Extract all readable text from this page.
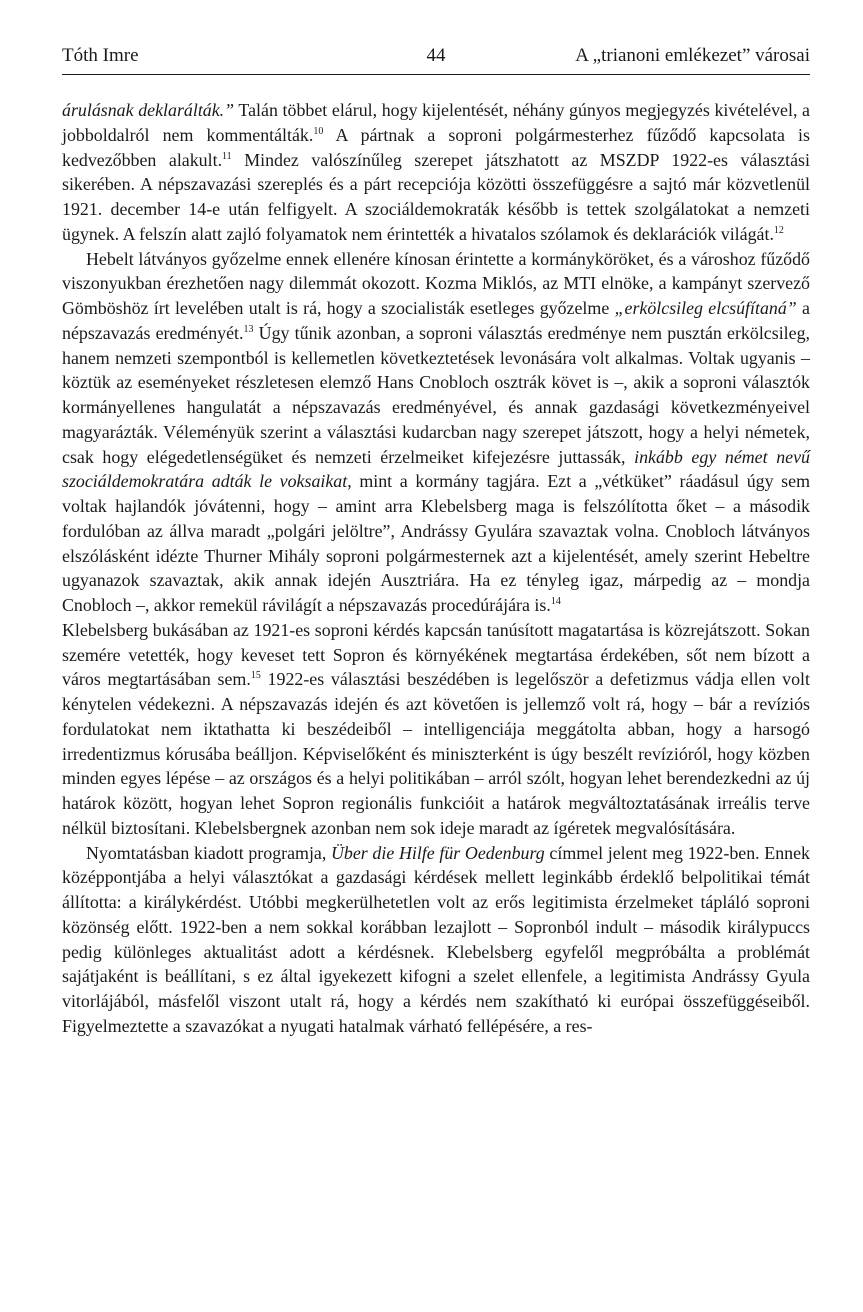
Tóth Imre	44	A „trianoni emlékezet” városai

árulásnak deklarálták.” Talán többet elárul, hogy kijelentését, néhány gúnyos megjegyzés kivételével, a jobboldalról nem kommentálták.$^{10}$ A pártnak a soproni polgármesterhez fűződő kapcsolata is kedvezőbben alakult.$^{11}$ Mindez valószínűleg szerepet játszhatott az MSZDP 1922-es választási sikerében. A népszavazási szereplés és a párt recepciója közötti összefüggésre a sajtó már közvetlenül 1921. december 14-e után felfigyelt. A szociáldemokraták később is tettek szolgálatokat a nemzeti ügynek. A felszín alatt zajló folyamatok nem érintették a hivatalos szólamok és deklarációk világát.$^{12}$

Hebelt látványos győzelme ennek ellenére kínosan érintette a kormányköröket, és a városhoz fűződő viszonyukban érezhetően nagy dilemmát okozott. Kozma Miklós, az MTI elnöke, a kampányt szervező Gömböshöz írt levelében utalt is rá, hogy a szocialisták esetleges győzelme „erkölcsileg elcsúfítaná” a népszavazás eredményét.$^{13}$ Úgy tűnik azonban, a soproni választás eredménye nem pusztán erkölcsileg, hanem nemzeti szempontból is kellemetlen következtetések levonására volt alkalmas. Voltak ugyanis – köztük az eseményeket részletesen elemző Hans Cnobloch osztrák követ is –, akik a soproni választók kormányellenes hangulatát a népszavazás eredményével, és annak gazdasági következményeivel magyarázták. Véleményük szerint a választási kudarcban nagy szerepet játszott, hogy a helyi németek, csak hogy elégedetlenségüket és nemzeti érzelmeiket kifejezésre juttassák, inkább egy német nevű szociáldemokratára adták le voksaikat, mint a kormány tagjára. Ezt a „vétküket” ráadásul úgy sem voltak hajlandók jóvátenni, hogy – amint arra Klebelsberg maga is felszólította őket – a második fordulóban az állva maradt „polgári jelöltre”, Andrássy Gyulára szavaztak volna. Cnobloch látványos elszólásként idézte Thurner Mihály soproni polgármesternek azt a kijelentését, amely szerint Hebeltre ugyanazok szavaztak, akik annak idején Ausztriára. Ha ez tényleg igaz, márpedig az – mondja Cnobloch –, akkor remekül rávilágít a népszavazás procedúrájára is.$^{14}$

Klebelsberg bukásában az 1921-es soproni kérdés kapcsán tanúsított magatartása is közrejátszott. Sokan szemére vetették, hogy keveset tett Sopron és környékének megtartása érdekében, sőt nem bízott a város megtartásában sem.$^{15}$ 1922-es választási beszédében is legelőször a defetizmus vádja ellen volt kénytelen védekezni. A népszavazás idején és azt követően is jellemző volt rá, hogy – bár a revíziós fordulatokat nem iktathatta ki beszédeiből – intelligenciája meggátolta abban, hogy a harsogó irredentizmus kórusába beálljon. Képviselőként és miniszterként is úgy beszélt revízióról, hogy közben minden egyes lépése – az országos és a helyi politikában – arról szólt, hogyan lehet berendezkedni az új határok között, hogyan lehet Sopron regionális funkcióit a határok megváltoztatásának irreális terve nélkül biztosítani. Klebelsbergnek azonban nem sok ideje maradt az ígéretek megvalósítására.

Nyomtatásban kiadott programja, Über die Hilfe für Oedenburg címmel jelent meg 1922-ben. Ennek középpontjába a helyi választókat a gazdasági kérdések mellett leginkább érdeklő belpolitikai témát állította: a királykérdést. Utóbbi megkerülhetetlen volt az erős legitimista érzelmeket tápláló soproni közönség előtt. 1922-ben a nem sokkal korábban lezajlott – Sopronból indult – második királypuccs pedig különleges aktualitást adott a kérdésnek. Klebelsberg egyfelől megpróbálta a problémát sajátjaként is beállítani, s ez által igyekezett kifogni a szelet ellenfele, a legitimista Andrássy Gyula vitorlájából, másfelől viszont utalt rá, hogy a kérdés nem szakítható ki európai összefüggéseiből. Figyelmeztette a szavazókat a nyugati hatalmak várható fellépésére, a res-
